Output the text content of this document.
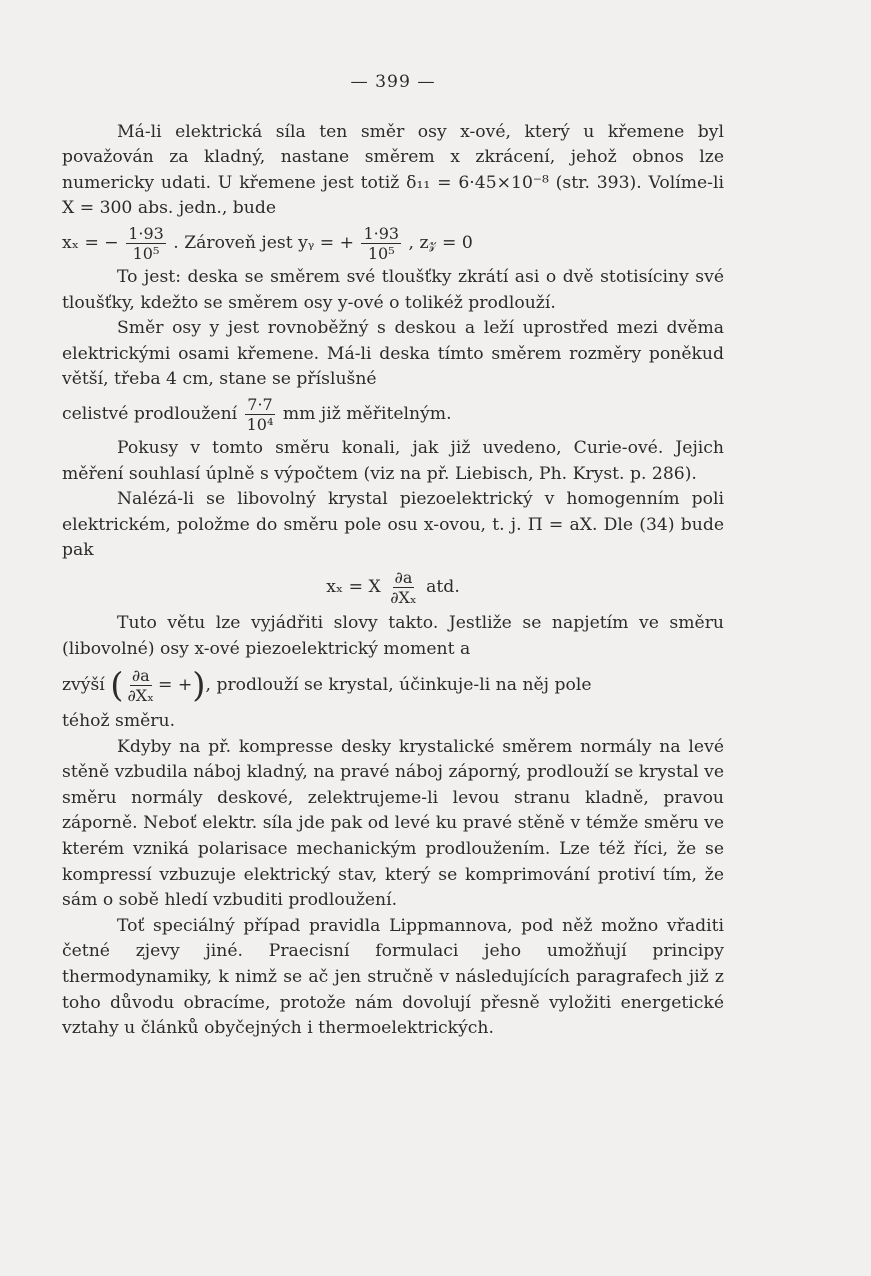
— 399 —

Má-li elektrická síla ten směr osy x-ové, který u křemene byl považován za kladný, nastane směrem x zkrácení, jehož obnos lze numericky udati. U křemene jest totiž δ₁₁ = 6·45×10⁻⁸ (str. 393). Volíme-li X = 300 abs. jedn., bude

xₓ = − $\frac{1\cdot 93}{\text{10⁵}}$ . Zároveň jest yᵧ = + $\frac{1\cdot 93}{\text{10⁵}}$ , z𝓏 = 0

To jest: deska se směrem své tloušťky zkrátí asi o dvě stotisíciny své tloušťky, kdežto se směrem osy y-ové o tolikéž prodlouží.

Směr osy y jest rovnoběžný s deskou a leží uprostřed mezi dvěma elektrickými osami křemene. Má-li deska tímto směrem rozměry poněkud větší, třeba 4 cm, stane se příslušné

celistvé prodloužení $\frac{7\cdot 7}{\text{10⁴}}$ mm již měřitelným.

Pokusy v tomto směru konali, jak již uvedeno, Curie-ové. Jejich měření souhlasí úplně s výpočtem (viz na př. Liebisch, Ph. Kryst. p. 286).

Nalézá-li se libovolný krystal piezoelektrický v homogenním poli elektrickém, položme do směru pole osu x-ovou, t. j. Π = aX. Dle (34) bude pak

xₓ = X $\frac{\partial a}{\text{∂Xₓ}}$ atd.

Tuto větu lze vyjádřiti slovy takto. Jestliže se napjetím ve směru (libovolné) osy x-ové piezoelektrický moment a

zvýší ( $\frac{\partial a}{\text{∂Xₓ}}$ = +), prodlouží se krystal, účinkuje-li na něj pole

téhož směru.

Kdyby na př. kompresse desky krystalické směrem normály na levé stěně vzbudila náboj kladný, na pravé náboj záporný, prodlouží se krystal ve směru normály deskové, zelektrujeme-li levou stranu kladně, pravou záporně. Neboť elektr. síla jde pak od levé ku pravé stěně v témže směru ve kterém vzniká polarisace mechanickým prodloužením. Lze též říci, že se kompressí vzbuzuje elektrický stav, který se komprimování protiví tím, že sám o sobě hledí vzbuditi prodloužení.

Toť speciálný případ pravidla Lippmannova, pod něž možno vřaditi četné zjevy jiné. Praecisní formulaci jeho umožňují principy thermodynamiky, k nimž se ač jen stručně v následujících paragrafech již z toho důvodu obracíme, protože nám dovolují přesně vyložiti energetické vztahy u článků obyčejných i thermoelektrických.
